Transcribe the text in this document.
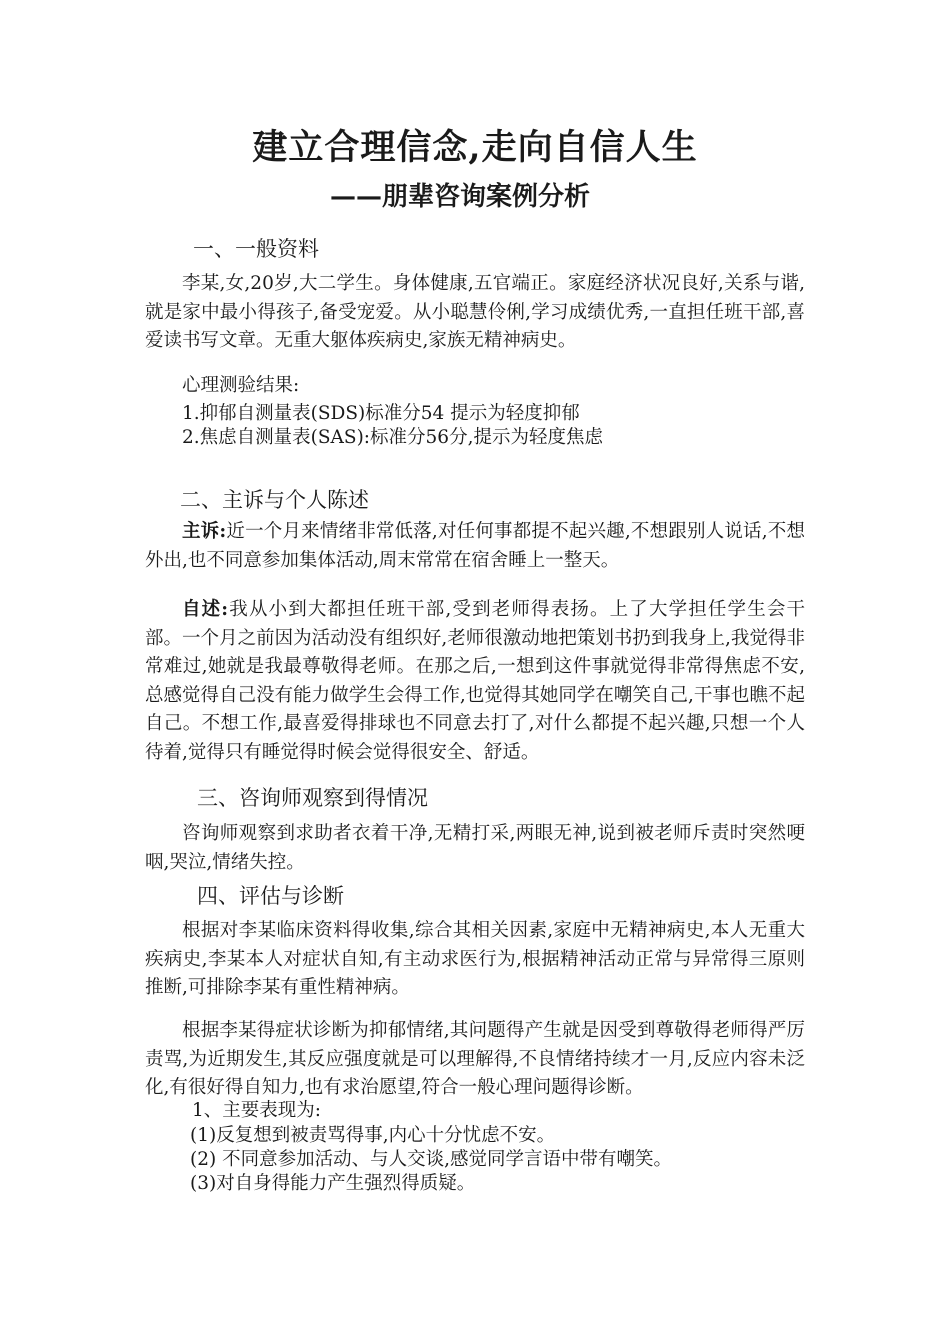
建立合理信念,走向自信人生
——朋辈咨询案例分析
一、一般资料
李某,女,20岁,大二学生。身体健康,五官端正。家庭经济状况良好,关系与谐,就是家中最小得孩子,备受宠爱。从小聪慧伶俐,学习成绩优秀,一直担任班干部,喜爱读书写文章。无重大躯体疾病史,家族无精神病史。
心理测验结果:
1.抑郁自测量表(SDS)标准分54 提示为轻度抑郁
2.焦虑自测量表(SAS):标准分56分,提示为轻度焦虑
二、主诉与个人陈述
主诉:近一个月来情绪非常低落,对任何事都提不起兴趣,不想跟别人说话,不想外出,也不同意参加集体活动,周末常常在宿舍睡上一整天。
自述:我从小到大都担任班干部,受到老师得表扬。上了大学担任学生会干部。一个月之前因为活动没有组织好,老师很激动地把策划书扔到我身上,我觉得非常难过,她就是我最尊敬得老师。在那之后,一想到这件事就觉得非常得焦虑不安,总感觉得自己没有能力做学生会得工作,也觉得其她同学在嘲笑自己,干事也瞧不起自己。不想工作,最喜爱得排球也不同意去打了,对什么都提不起兴趣,只想一个人待着,觉得只有睡觉得时候会觉得很安全、舒适。
三、咨询师观察到得情况
咨询师观察到求助者衣着干净,无精打采,两眼无神,说到被老师斥责时突然哽咽,哭泣,情绪失控。
四、评估与诊断
根据对李某临床资料得收集,综合其相关因素,家庭中无精神病史,本人无重大疾病史,李某本人对症状自知,有主动求医行为,根据精神活动正常与异常得三原则推断,可排除李某有重性精神病。
根据李某得症状诊断为抑郁情绪,其问题得产生就是因受到尊敬得老师得严厉责骂,为近期发生,其反应强度就是可以理解得,不良情绪持续才一月,反应内容未泛化,有很好得自知力,也有求治愿望,符合一般心理问题得诊断。
1、主要表现为:
(1)反复想到被责骂得事,内心十分忧虑不安。
(2) 不同意参加活动、与人交谈,感觉同学言语中带有嘲笑。
(3)对自身得能力产生强烈得质疑。
